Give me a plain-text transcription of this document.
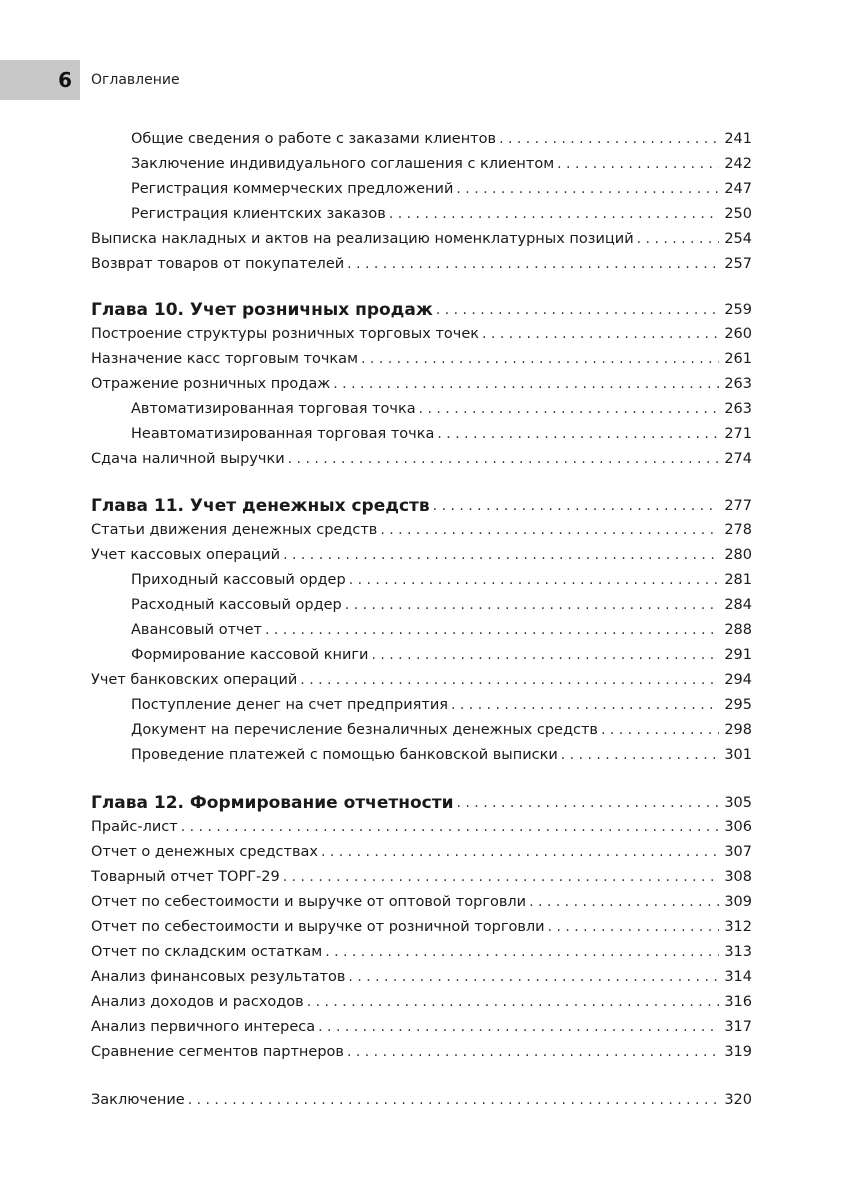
6 Оглавление
Общие сведения о работе с заказами клиентов . . .	241
Заключение индивидуального соглашения с клиентом . . .	242
Регистрация коммерческих предложений . . .	247
Регистрация клиентских заказов . . .	250
Выписка накладных и актов на реализацию номенклатурных позиций . . .	254
Возврат товаров от покупателей . . .	257
Глава 10. Учет розничных продаж . . .	259
Построение структуры розничных торговых точек . . .	260
Назначение касс торговым точкам . . .	261
Отражение розничных продаж . . .	263
Автоматизированная торговая точка . . .	263
Неавтоматизированная торговая точка . . .	271
Сдача наличной выручки . . .	274
Глава 11. Учет денежных средств . . .	277
Статьи движения денежных средств . . .	278
Учет кассовых операций . . .	280
Приходный кассовый ордер . . .	281
Расходный кассовый ордер . . .	284
Авансовый отчет . . .	288
Формирование кассовой книги . . .	291
Учет банковских операций . . .	294
Поступление денег на счет предприятия . . .	295
Документ на перечисление безналичных денежных средств . . .	298
Проведение платежей с помощью банковской выписки . . .	301
Глава 12. Формирование отчетности . . .	305
Прайс-лист . . .	306
Отчет о денежных средствах . . .	307
Товарный отчет ТОРГ-29 . . .	308
Отчет по себестоимости и выручке от оптовой торговли . . .	309
Отчет по себестоимости и выручке от розничной торговли . . .	312
Отчет по складским остаткам . . .	313
Анализ финансовых результатов . . .	314
Анализ доходов и расходов . . .	316
Анализ первичного интереса . . .	317
Сравнение сегментов партнеров . . .	319
Заключение . . .	320
